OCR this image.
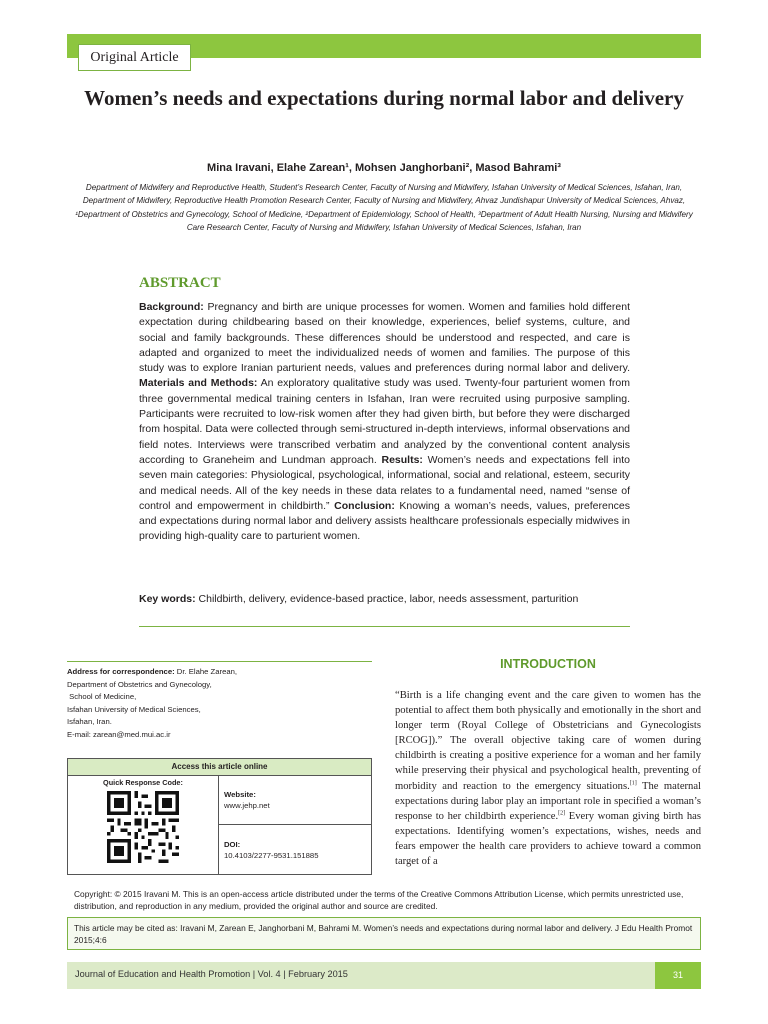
Original Article
Women’s needs and expectations during normal labor and delivery
Mina Iravani, Elahe Zarean¹, Mohsen Janghorbani², Masod Bahrami³
Department of Midwifery and Reproductive Health, Student’s Research Center, Faculty of Nursing and Midwifery, Isfahan University of Medical Sciences, Isfahan, Iran, Department of Midwifery, Reproductive Health Promotion Research Center, Faculty of Nursing and Midwifery, Ahvaz Jundishapur University of Medical Sciences, Ahvaz, ¹Department of Obstetrics and Gynecology, School of Medicine, ²Department of Epidemiology, School of Health, ³Department of Adult Health Nursing, Nursing and Midwifery Care Research Center, Faculty of Nursing and Midwifery, Isfahan University of Medical Sciences, Isfahan, Iran
ABSTRACT
Background: Pregnancy and birth are unique processes for women. Women and families hold different expectation during childbearing based on their knowledge, experiences, belief systems, culture, and social and family backgrounds. These differences should be understood and respected, and care is adapted and organized to meet the individualized needs of women and families. The purpose of this study was to explore Iranian parturient needs, values and preferences during normal labor and delivery. Materials and Methods: An exploratory qualitative study was used. Twenty-four parturient women from three governmental medical training centers in Isfahan, Iran were recruited using purposive sampling. Participants were recruited to low-risk women after they had given birth, but before they were discharged from hospital. Data were collected through semi-structured in-depth interviews, informal observations and field notes. Interviews were transcribed verbatim and analyzed by the conventional content analysis according to Graneheim and Lundman approach. Results: Women’s needs and expectations fell into seven main categories: Physiological, psychological, informational, social and relational, esteem, security and medical needs. All of the key needs in these data relates to a fundamental need, named “sense of control and empowerment in childbirth.” Conclusion: Knowing a woman’s needs, values, preferences and expectations during normal labor and delivery assists healthcare professionals especially midwives in providing high-quality care to parturient women.
Key words: Childbirth, delivery, evidence-based practice, labor, needs assessment, parturition
Address for correspondence: Dr. Elahe Zarean,
Department of Obstetrics and Gynecology,
School of Medicine,
Isfahan University of Medical Sciences,
Isfahan, Iran.
E-mail: zarean@med.mui.ac.ir
Access this article online
Quick Response Code:
Website:
www.jehp.net
DOI:
10.4103/2277-9531.151885
INTRODUCTION
“Birth is a life changing event and the care given to women has the potential to affect them both physically and emotionally in the short and longer term (Royal College of Obstetricians and Gynecologists [RCOG]).” The overall objective taking care of women during childbirth is creating a positive experience for a woman and her family while preserving their physical and psychological health, preventing of morbidity and reaction to the emergency situations.[1] The maternal expectations during labor play an important role in specified a woman’s response to her childbirth experience.[2] Every woman giving birth has expectations. Identifying women’s expectations, wishes, needs and fears empower the health care providers to achieve toward a common target of a
Copyright: © 2015 Iravani M. This is an open-access article distributed under the terms of the Creative Commons Attribution License, which permits unrestricted use, distribution, and reproduction in any medium, provided the original author and source are credited.
This article may be cited as: Iravani M, Zarean E, Janghorbani M, Bahrami M. Women’s needs and expectations during normal labor and delivery. J Edu Health Promot 2015;4:6
Journal of Education and Health Promotion | Vol. 4 | February 2015	31
